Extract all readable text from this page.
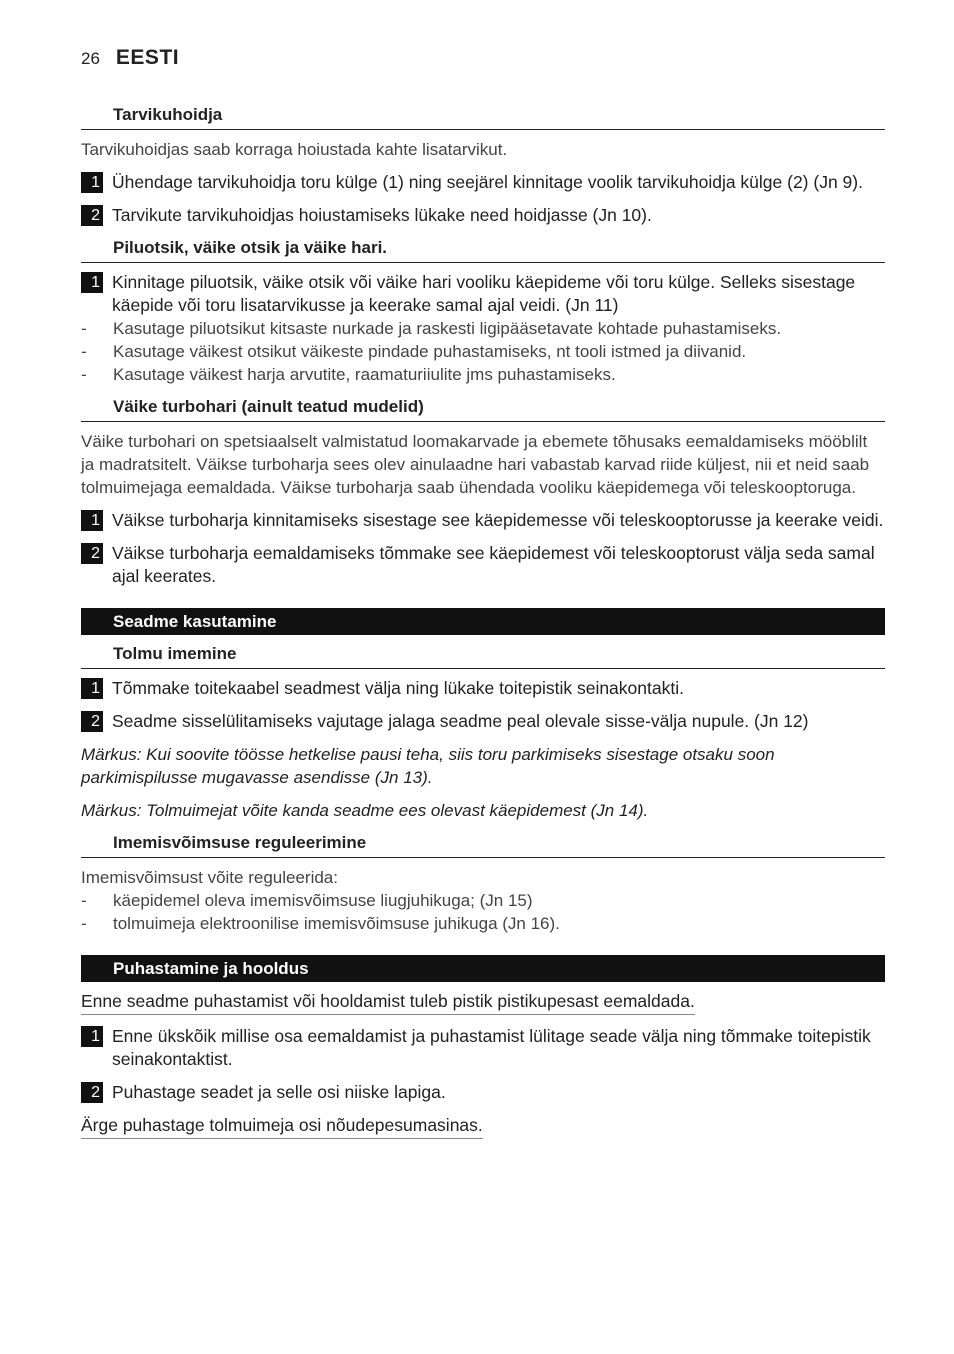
26 EESTI
Tarvikuhoidja

Tarvikuhoidjas saab korraga hoiustada kahte lisatarvikut.

1 Ühendage tarvikuhoidja toru külge (1) ning seejärel kinnitage voolik tarvikuhoidja külge (2) (Jn 9).
2 Tarvikute tarvikuhoidjas hoiustamiseks lükake need hoidjasse (Jn 10).
Piluotsik, väike otsik ja väike hari.
1 Kinnitage piluotsik, väike otsik või väike hari vooliku käepideme või toru külge. Selleks sisestage käepide või toru lisatarvikusse ja keerake samal ajal veidi. (Jn 11)
-	Kasutage piluotsikut kitsaste nurkade ja raskesti ligipääsetavate kohtade puhastamiseks.
-	Kasutage väikest otsikut väikeste pindade puhastamiseks, nt tooli istmed ja diivanid.
-	Kasutage väikest harja arvutite, raamaturiiulite jms puhastamiseks.
Väike turbohari (ainult teatud mudelid)

Väike turbohari on spetsiaalselt valmistatud loomakarvade ja ebemete tõhusaks eemaldamiseks mööblilt ja madratsitelt. Väikse turboharja sees olev ainulaadne hari vabastab karvad riide küljest, nii et neid saab tolmuimejaga eemaldada. Väikse turboharja saab ühendada vooliku käepidemega või teleskooptoruga.

1 Väikse turboharja kinnitamiseks sisestage see käepidemesse või teleskooptorusse ja keerake veidi.
2 Väikse turboharja eemaldamiseks tõmmake see käepidemest või teleskooptorust välja seda samal ajal keerates.
Seadme kasutamine
Tolmu imemine
1 Tõmmake toitekaabel seadmest välja ning lükake toitepistik seinakontakti.
2 Seadme sisselülitamiseks vajutage jalaga seadme peal olevale sisse-välja nupule. (Jn 12)

Märkus: Kui soovite töösse hetkelise pausi teha, siis toru parkimiseks sisestage otsaku soon parkimispilusse mugavasse asendisse (Jn 13).

Märkus: Tolmuimejat võite kanda seadme ees olevast käepidemest (Jn 14).

Imemisvõimsuse reguleerimine

Imemisvõimsust võite reguleerida:

-	käepidemel oleva imemisvõimsuse liugjuhikuga; (Jn 15)
-	tolmuimeja elektroonilise imemisvõimsuse juhikuga (Jn 16).
Puhastamine ja hooldus
Enne seadme puhastamist või hooldamist tuleb pistik pistikupesast eemaldada.
1 Enne ükskõik millise osa eemaldamist ja puhastamist lülitage seade välja ning tõmmake toitepistik seinakontaktist.
2 Puhastage seadet ja selle osi niiske lapiga.
Ärge puhastage tolmuimeja osi nõudepesumasinas.
